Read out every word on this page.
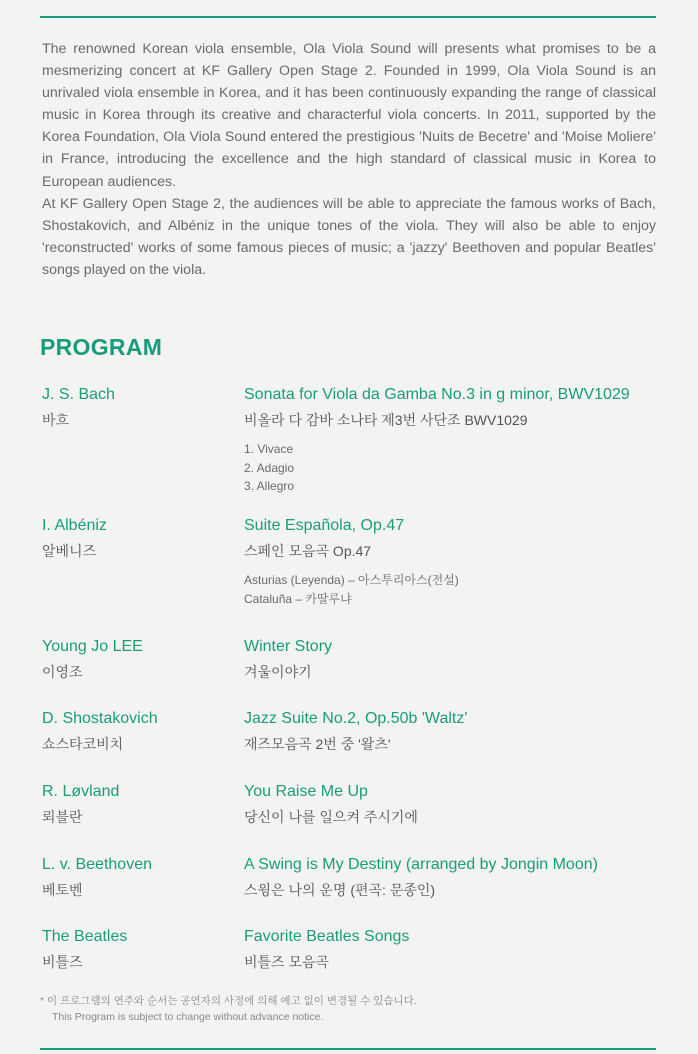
The renowned Korean viola ensemble, Ola Viola Sound will presents what promises to be a mesmerizing concert at KF Gallery Open Stage 2. Founded in 1999, Ola Viola Sound is an unrivaled viola ensemble in Korea, and it has been continuously expanding the range of classical music in Korea through its creative and characterful viola concerts. In 2011, supported by the Korea Foundation, Ola Viola Sound entered the prestigious 'Nuits de Becetre' and 'Moise Moliere' in France, introducing the excellence and the high standard of classical music in Korea to European audiences.

At KF Gallery Open Stage 2, the audiences will be able to appreciate the famous works of Bach, Shostakovich, and Albéniz in the unique tones of the viola. They will also be able to enjoy 'reconstructed' works of some famous pieces of music; a 'jazzy' Beethoven and popular Beatles' songs played on the viola.

PROGRAM
J. S. Bach
바흐
Sonata for Viola da Gamba No.3 in g minor, BWV1029
비올라 다 감바 소나타 제3번 사단조 BWV1029
1. Vivace
2. Adagio
3. Allegro
I. Albéniz
알베니즈
Suite Española, Op.47
스페인 모음곡 Op.47
Asturias (Leyenda) – 아스투리아스(전설)
Cataluña – 카딸루냐
Young Jo LEE
이영조
Winter Story
겨울이야기
D. Shostakovich
쇼스타코비치
Jazz Suite No.2, Op.50b 'Waltz'
재즈모음곡 2번 중 '왈츠'
R. Løvland
뢰블란
You Raise Me Up
당신이 나를 일으켜 주시기에
L. v. Beethoven
베토벤
A Swing is My Destiny (arranged by Jongin Moon)
스윙은 나의 운명 (편곡: 문종인)
The Beatles
비틀즈
Favorite Beatles Songs
비틀즈 모음곡
* 이 프로그램의 연주와 순서는 공연자의 사정에 의해 예고 없이 변경될 수 있습니다.
This Program is subject to change without advance notice.
